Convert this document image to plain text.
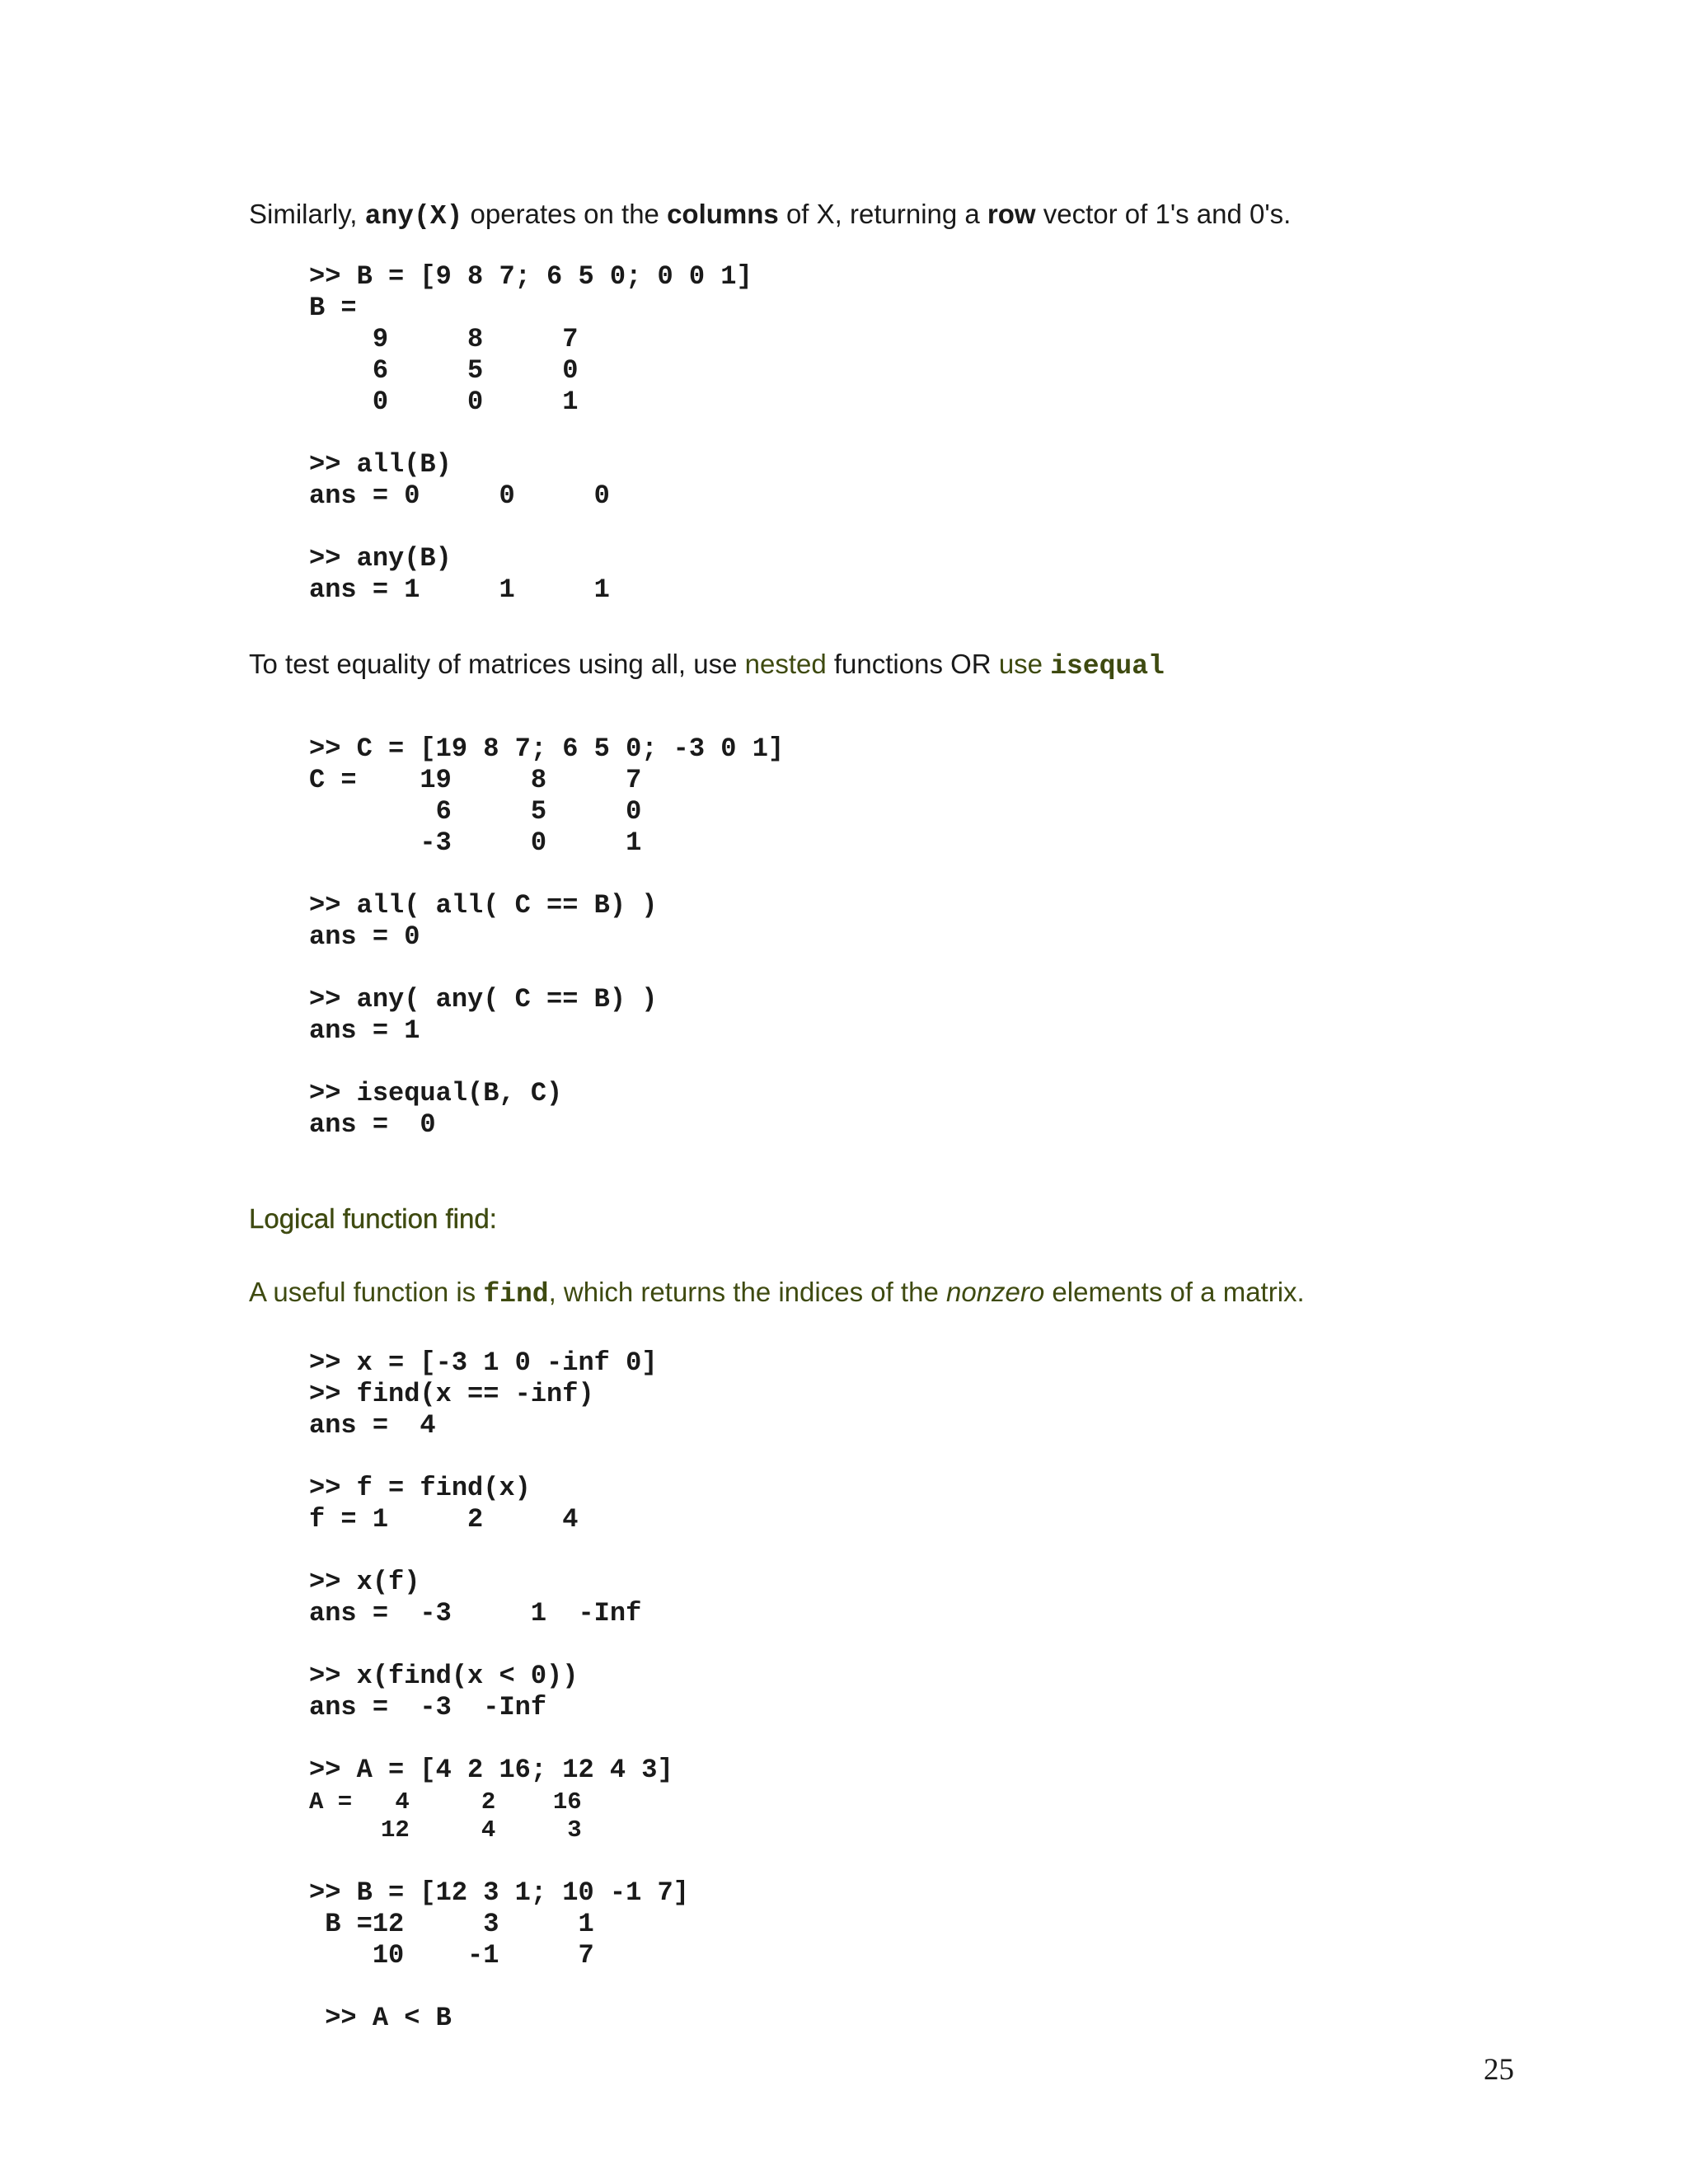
Similarly, any(X) operates on the columns of X, returning a row vector of 1's and 0's.
>> B = [9 8 7; 6 5 0; 0 0 1]
B =
9     8     7
6     5     0
0     0     1
>> all(B)
ans = 0     0     0
>> any(B)
ans = 1     1     1
To test equality of matrices using all, use nested functions OR use isequal
>> C = [19 8 7; 6 5 0; -3 0 1]
C =    19     8     7
6     5     0
-3     0     1
>> all( all( C == B) )
ans = 0
>> any( any( C == B) )
ans = 1
>> isequal(B, C)
ans =  0
Logical function find:
A useful function is find, which returns the indices of the nonzero elements of a matrix.
>> x = [-3 1 0 -inf 0]
>> find(x == -inf)
ans =  4
>> f = find(x)
f = 1     2     4
>> x(f)
ans =  -3     1  -Inf
>> x(find(x < 0))
ans =  -3  -Inf
>> A = [4 2 16; 12 4 3]
A =   4     2    16
12     4     3
>> B = [12 3 1; 10 -1 7]
B =12     3     1
10    -1     7
>> A < B
25
